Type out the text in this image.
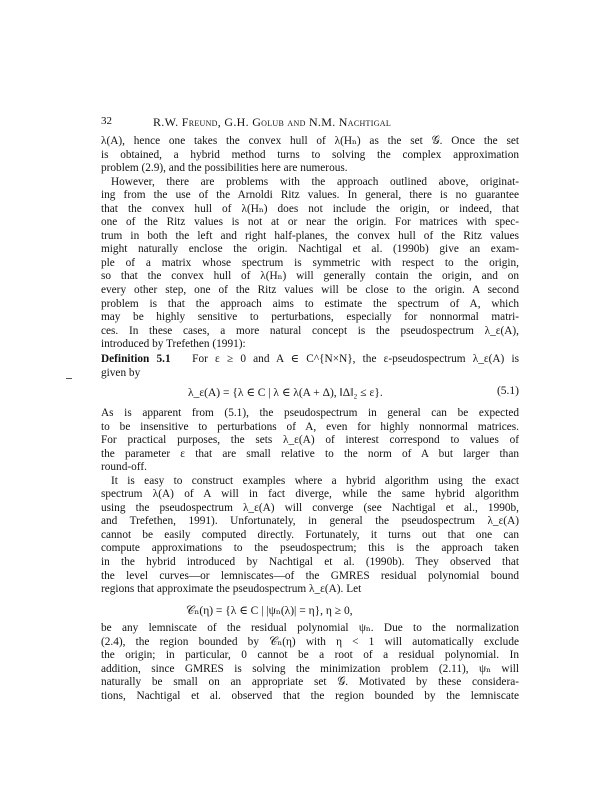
32	R.W. Freund, G.H. Golub and N.M. Nachtigal
λ(A), hence one takes the convex hull of λ(Hₙ) as the set 𝒢. Once the set
is obtained, a hybrid method turns to solving the complex approximation
problem (2.9), and the possibilities here are numerous.
However, there are problems with the approach outlined above, originat-
ing from the use of the Arnoldi Ritz values. In general, there is no guarantee
that the convex hull of λ(Hₙ) does not include the origin, or indeed, that
one of the Ritz values is not at or near the origin. For matrices with spec-
trum in both the left and right half-planes, the convex hull of the Ritz values
might naturally enclose the origin. Nachtigal et al. (1990b) give an exam-
ple of a matrix whose spectrum is symmetric with respect to the origin,
so that the convex hull of λ(Hₙ) will generally contain the origin, and on
every other step, one of the Ritz values will be close to the origin. A second
problem is that the approach aims to estimate the spectrum of A, which
may be highly sensitive to perturbations, especially for nonnormal matri-
ces. In these cases, a more natural concept is the pseudospectrum λ_ε(A),
introduced by Trefethen (1991):
Definition 5.1 For ε ≥ 0 and A ∈ C^{N×N}, the ε-pseudospectrum λ_ε(A) is
given by
λ_ε(A) = {λ ∈ C | λ ∈ λ(A + Δ), ‖Δ‖₂ ≤ ε}.	(5.1)
As is apparent from (5.1), the pseudospectrum in general can be expected
to be insensitive to perturbations of A, even for highly nonnormal matrices.
For practical purposes, the sets λ_ε(A) of interest correspond to values of
the parameter ε that are small relative to the norm of A but larger than
round-off.
It is easy to construct examples where a hybrid algorithm using the exact
spectrum λ(A) of A will in fact diverge, while the same hybrid algorithm
using the pseudospectrum λ_ε(A) will converge (see Nachtigal et al., 1990b,
and Trefethen, 1991). Unfortunately, in general the pseudospectrum λ_ε(A)
cannot be easily computed directly. Fortunately, it turns out that one can
compute approximations to the pseudospectrum; this is the approach taken
in the hybrid introduced by Nachtigal et al. (1990b). They observed that
the level curves—or lemniscates—of the GMRES residual polynomial bound
regions that approximate the pseudospectrum λ_ε(A). Let
𝒞ₙ(η) = {λ ∈ C | |ψₙ(λ)| = η}, η ≥ 0,
be any lemniscate of the residual polynomial ψₙ. Due to the normalization
(2.4), the region bounded by 𝒞ₙ(η) with η < 1 will automatically exclude
the origin; in particular, 0 cannot be a root of a residual polynomial. In
addition, since GMRES is solving the minimization problem (2.11), ψₙ will
naturally be small on an appropriate set 𝒢. Motivated by these considera-
tions, Nachtigal et al. observed that the region bounded by the lemniscate
